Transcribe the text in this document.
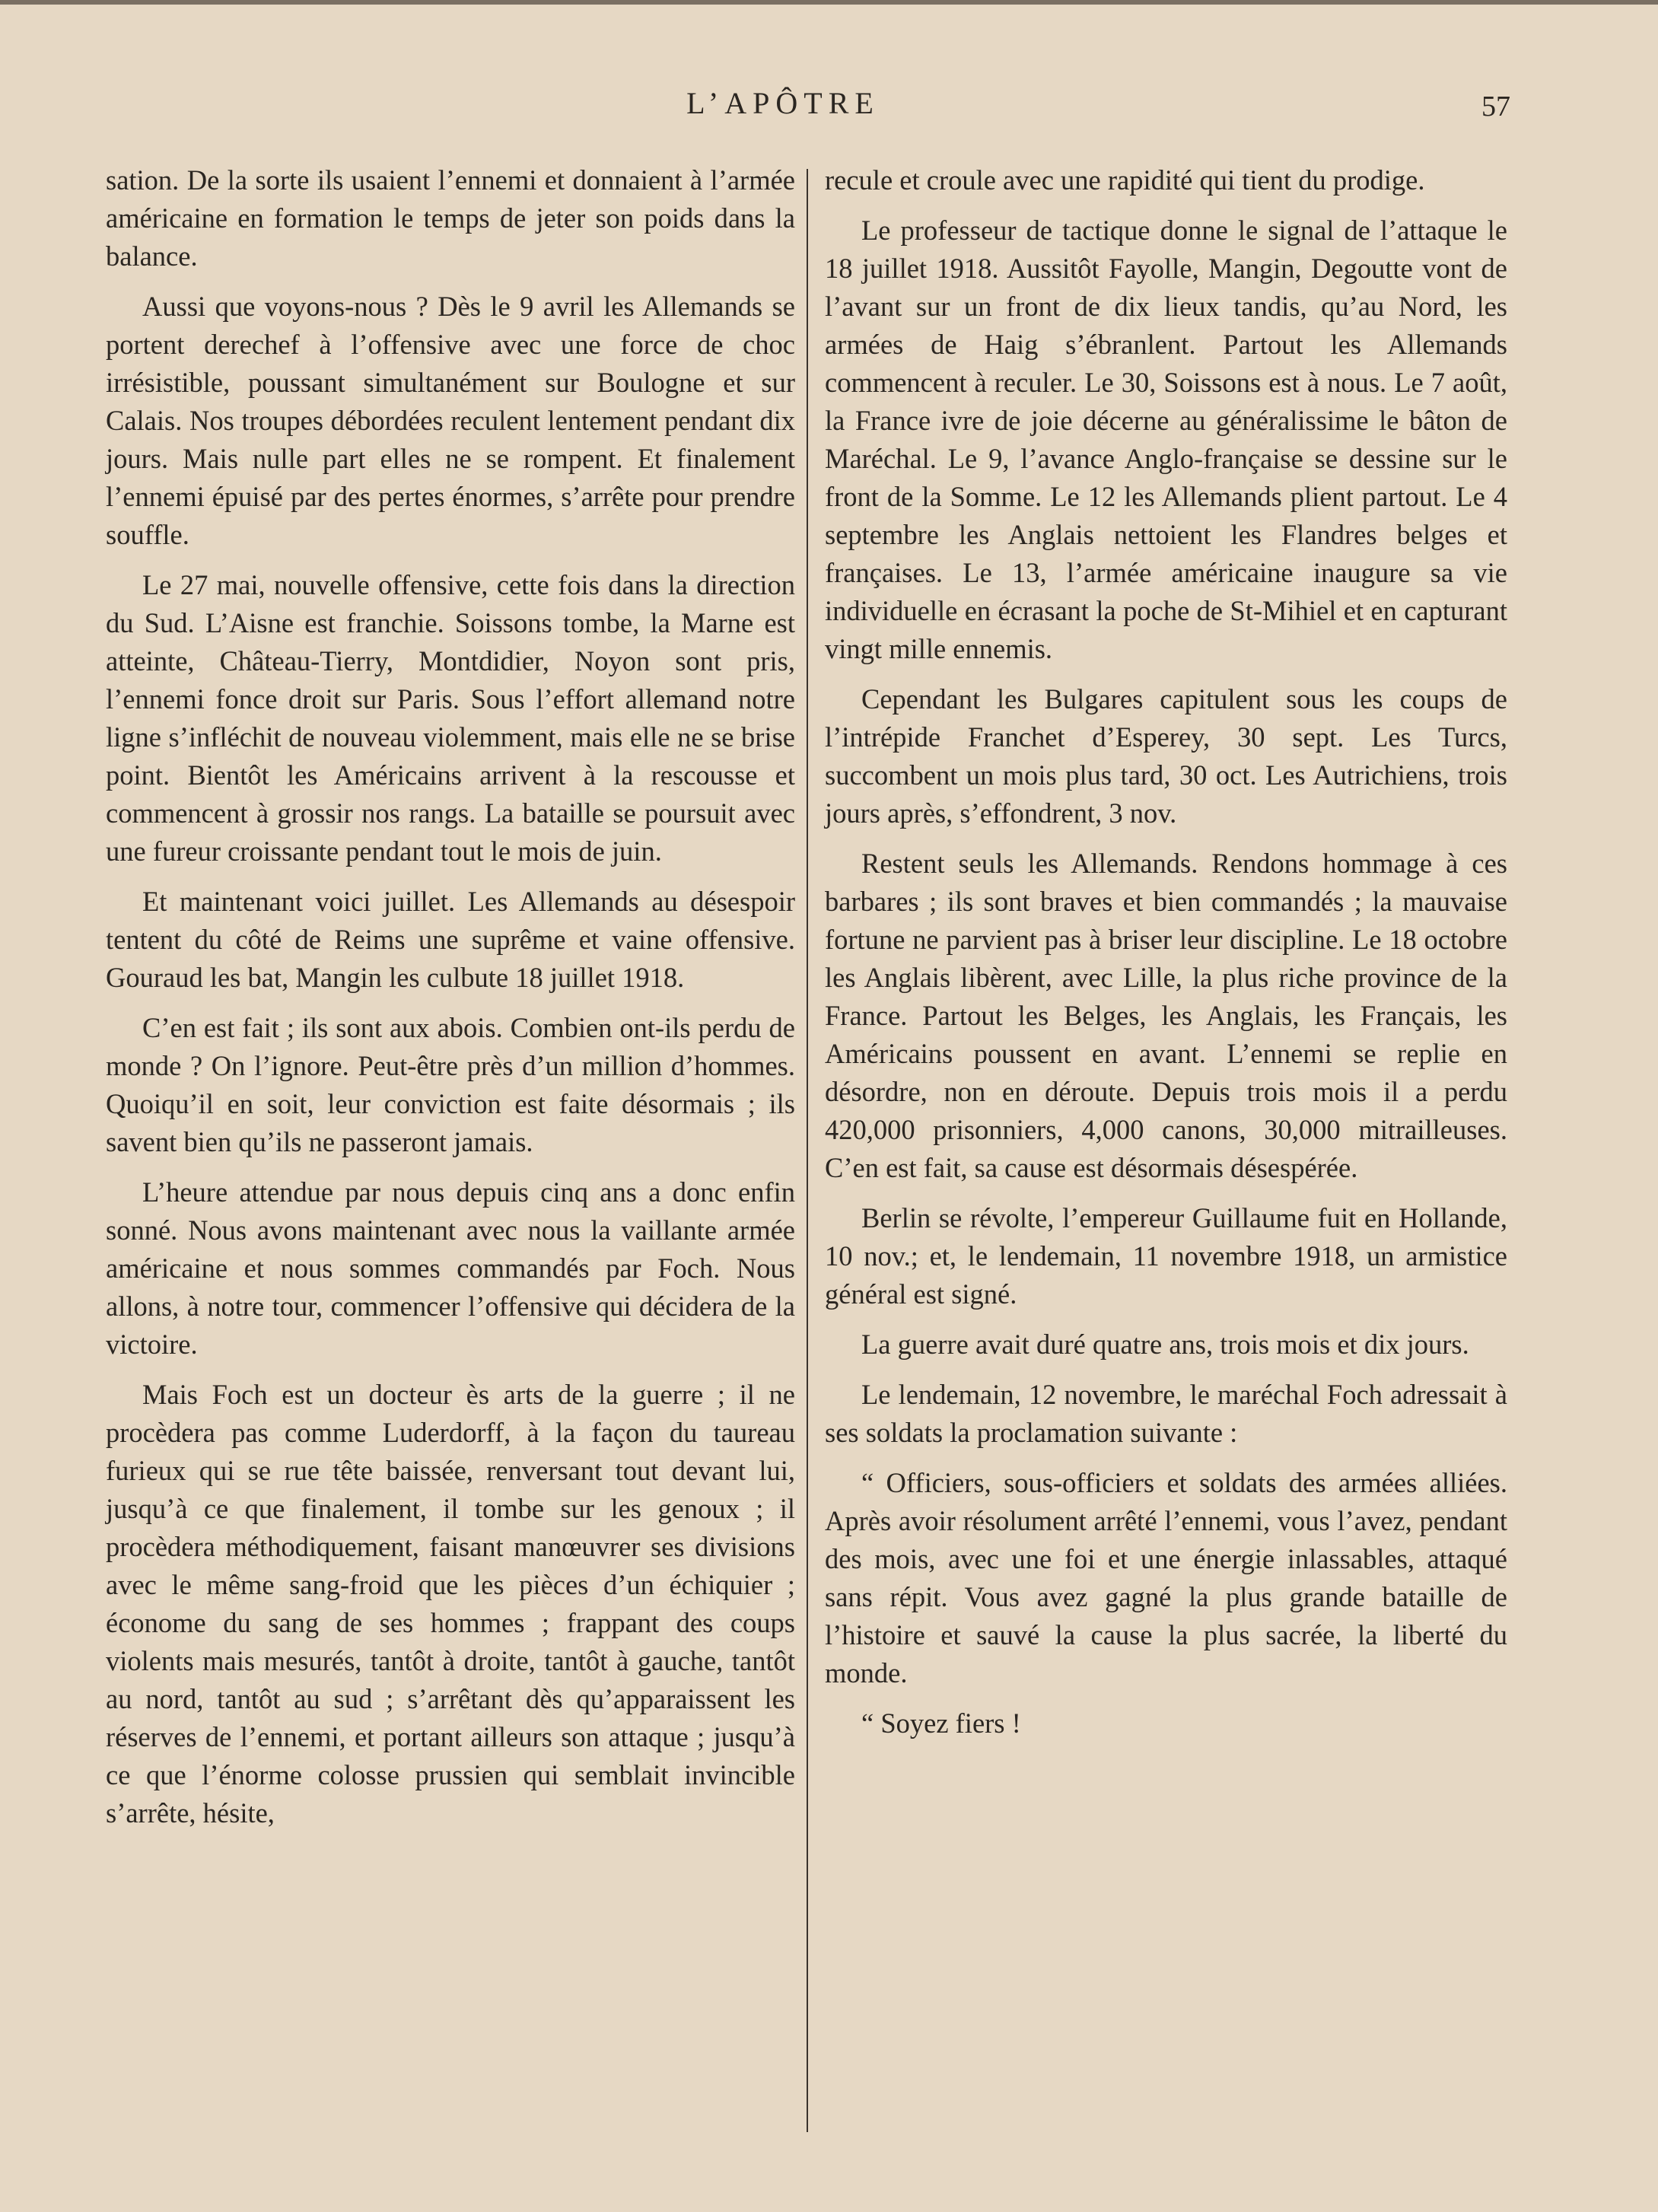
L’APÔTRE	57

sation. De la sorte ils usaient l’ennemi et donnaient à l’armée américaine en formation le temps de jeter son poids dans la balance.

Aussi que voyons-nous ? Dès le 9 avril les Allemands se portent derechef à l’offensive avec une force de choc irrésistible, poussant simultanément sur Boulogne et sur Calais. Nos troupes débordées reculent lentement pendant dix jours. Mais nulle part elles ne se rompent. Et finalement l’ennemi épuisé par des pertes énormes, s’arrête pour prendre souffle.

Le 27 mai, nouvelle offensive, cette fois dans la direction du Sud. L’Aisne est franchie. Soissons tombe, la Marne est atteinte, Château-Tierry, Montdidier, Noyon sont pris, l’ennemi fonce droit sur Paris. Sous l’effort allemand notre ligne s’infléchit de nouveau violemment, mais elle ne se brise point. Bientôt les Américains arrivent à la rescousse et commencent à grossir nos rangs. La bataille se poursuit avec une fureur croissante pendant tout le mois de juin.

Et maintenant voici juillet. Les Allemands au désespoir tentent du côté de Reims une suprême et vaine offensive. Gouraud les bat, Mangin les culbute 18 juillet 1918.

C’en est fait ; ils sont aux abois. Combien ont-ils perdu de monde ? On l’ignore. Peut-être près d’un million d’hommes. Quoiqu’il en soit, leur conviction est faite désormais ; ils savent bien qu’ils ne passeront jamais.

L’heure attendue par nous depuis cinq ans a donc enfin sonné. Nous avons maintenant avec nous la vaillante armée américaine et nous sommes commandés par Foch. Nous allons, à notre tour, commencer l’offensive qui décidera de la victoire.

Mais Foch est un docteur ès arts de la guerre ; il ne procèdera pas comme Luderdorff, à la façon du taureau furieux qui se rue tête baissée, renversant tout devant lui, jusqu’à ce que finalement, il tombe sur les genoux ; il procèdera méthodiquement, faisant manœuvrer ses divisions avec le même sang-froid que les pièces d’un échiquier ; économe du sang de ses hommes ; frappant des coups violents mais mesurés, tantôt à droite, tantôt à gauche, tantôt au nord, tantôt au sud ; s’arrêtant dès qu’apparaissent les réserves de l’ennemi, et portant ailleurs son attaque ; jusqu’à ce que l’énorme colosse prussien qui semblait invincible s’arrête, hésite,

recule et croule avec une rapidité qui tient du prodige.

Le professeur de tactique donne le signal de l’attaque le 18 juillet 1918. Aussitôt Fayolle, Mangin, Degoutte vont de l’avant sur un front de dix lieux tandis, qu’au Nord, les armées de Haig s’ébranlent. Partout les Allemands commencent à reculer. Le 30, Soissons est à nous. Le 7 août, la France ivre de joie décerne au généralissime le bâton de Maréchal. Le 9, l’avance Anglo-française se dessine sur le front de la Somme. Le 12 les Allemands plient partout. Le 4 septembre les Anglais nettoient les Flandres belges et françaises. Le 13, l’armée américaine inaugure sa vie individuelle en écrasant la poche de St-Mihiel et en capturant vingt mille ennemis.

Cependant les Bulgares capitulent sous les coups de l’intrépide Franchet d’Esperey, 30 sept. Les Turcs, succombent un mois plus tard, 30 oct. Les Autrichiens, trois jours après, s’effondrent, 3 nov.

Restent seuls les Allemands. Rendons hommage à ces barbares ; ils sont braves et bien commandés ; la mauvaise fortune ne parvient pas à briser leur discipline. Le 18 octobre les Anglais libèrent, avec Lille, la plus riche province de la France. Partout les Belges, les Anglais, les Français, les Américains poussent en avant. L’ennemi se replie en désordre, non en déroute. Depuis trois mois il a perdu 420,000 prisonniers, 4,000 canons, 30,000 mitrailleuses. C’en est fait, sa cause est désormais désespérée.

Berlin se révolte, l’empereur Guillaume fuit en Hollande, 10 nov.; et, le lendemain, 11 novembre 1918, un armistice général est signé.

La guerre avait duré quatre ans, trois mois et dix jours.

Le lendemain, 12 novembre, le maréchal Foch adressait à ses soldats la proclamation suivante :

“ Officiers, sous-officiers et soldats des armées alliées. Après avoir résolument arrêté l’ennemi, vous l’avez, pendant des mois, avec une foi et une énergie inlassables, attaqué sans répit. Vous avez gagné la plus grande bataille de l’histoire et sauvé la cause la plus sacrée, la liberté du monde.

“ Soyez fiers !
